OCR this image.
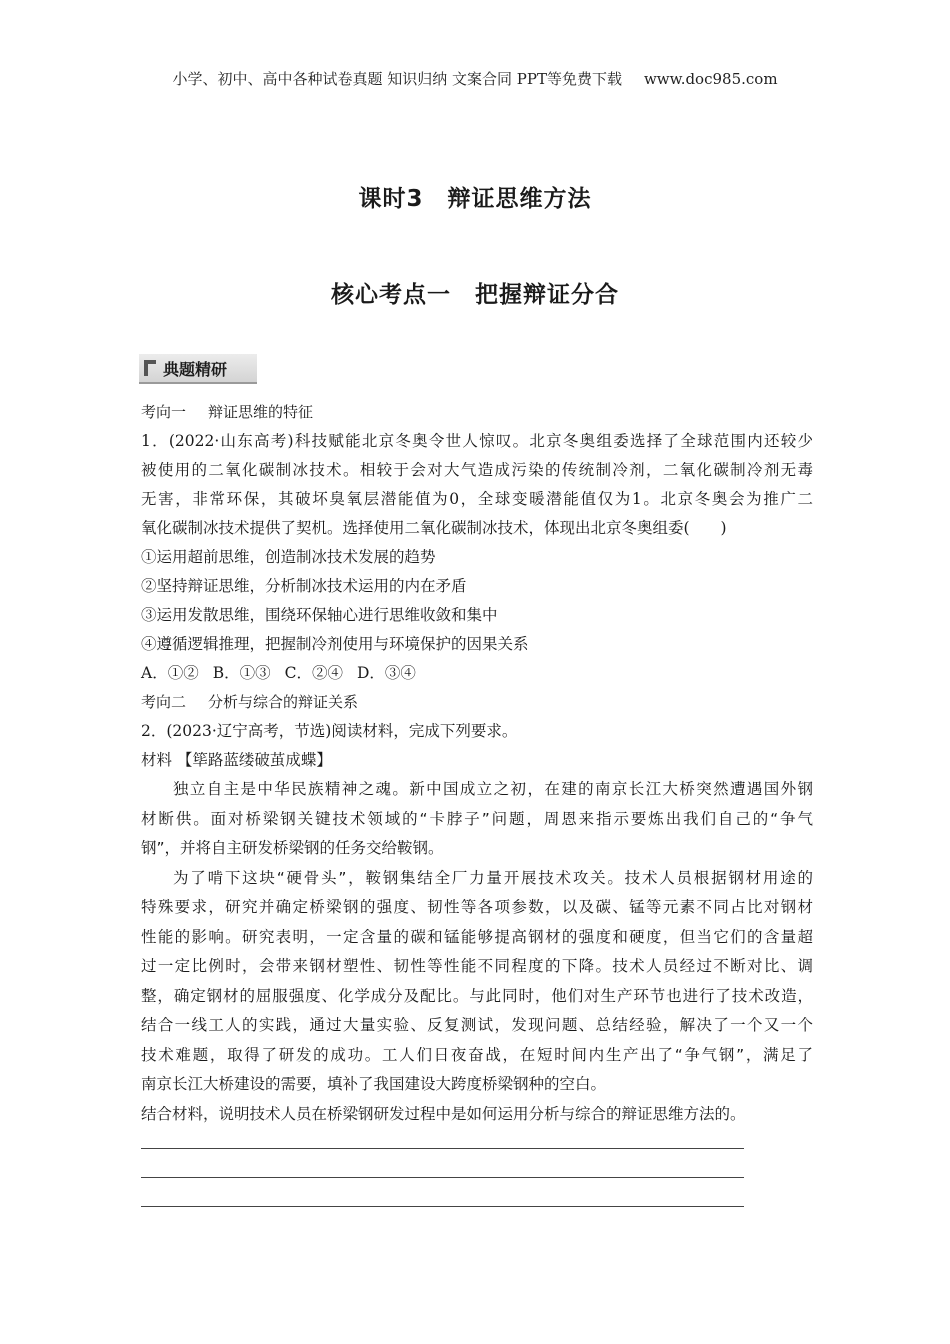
小学、初中、高中各种试卷真题 知识归纳 文案合同 PPT等免费下载 www.doc985.com
课时3　辩证思维方法
核心考点一　把握辩证分合
典题精研
考向一 辩证思维的特征
1．(2022·山东高考)科技赋能北京冬奥令世人惊叹。北京冬奥组委选择了全球范围内还较少
被使用的二氧化碳制冰技术。相较于会对大气造成污染的传统制冷剂，二氧化碳制冷剂无毒
无害，非常环保，其破坏臭氧层潜能值为0，全球变暖潜能值仅为1。北京冬奥会为推广二
氧化碳制冰技术提供了契机。选择使用二氧化碳制冰技术，体现出北京冬奥组委(　　)
①运用超前思维，创造制冰技术发展的趋势
②坚持辩证思维，分析制冰技术运用的内在矛盾
③运用发散思维，围绕环保轴心进行思维收敛和集中
④遵循逻辑推理，把握制冷剂使用与环境保护的因果关系
A．①② B．①③ C．②④ D．③④
考向二 分析与综合的辩证关系
2．(2023·辽宁高考，节选)阅读材料，完成下列要求。
材料 【筚路蓝缕破茧成蝶】
独立自主是中华民族精神之魂。新中国成立之初，在建的南京长江大桥突然遭遇国外钢
材断供。面对桥梁钢关键技术领域的“卡脖子”问题，周恩来指示要炼出我们自己的“争气
钢”，并将自主研发桥梁钢的任务交给鞍钢。
为了啃下这块“硬骨头”，鞍钢集结全厂力量开展技术攻关。技术人员根据钢材用途的
特殊要求，研究并确定桥梁钢的强度、韧性等各项参数，以及碳、锰等元素不同占比对钢材
性能的影响。研究表明，一定含量的碳和锰能够提高钢材的强度和硬度，但当它们的含量超
过一定比例时，会带来钢材塑性、韧性等性能不同程度的下降。技术人员经过不断对比、调
整，确定钢材的屈服强度、化学成分及配比。与此同时，他们对生产环节也进行了技术改造，
结合一线工人的实践，通过大量实验、反复测试，发现问题、总结经验，解决了一个又一个
技术难题，取得了研发的成功。工人们日夜奋战，在短时间内生产出了“争气钢”，满足了
南京长江大桥建设的需要，填补了我国建设大跨度桥梁钢种的空白。
结合材料，说明技术人员在桥梁钢研发过程中是如何运用分析与综合的辩证思维方法的。
